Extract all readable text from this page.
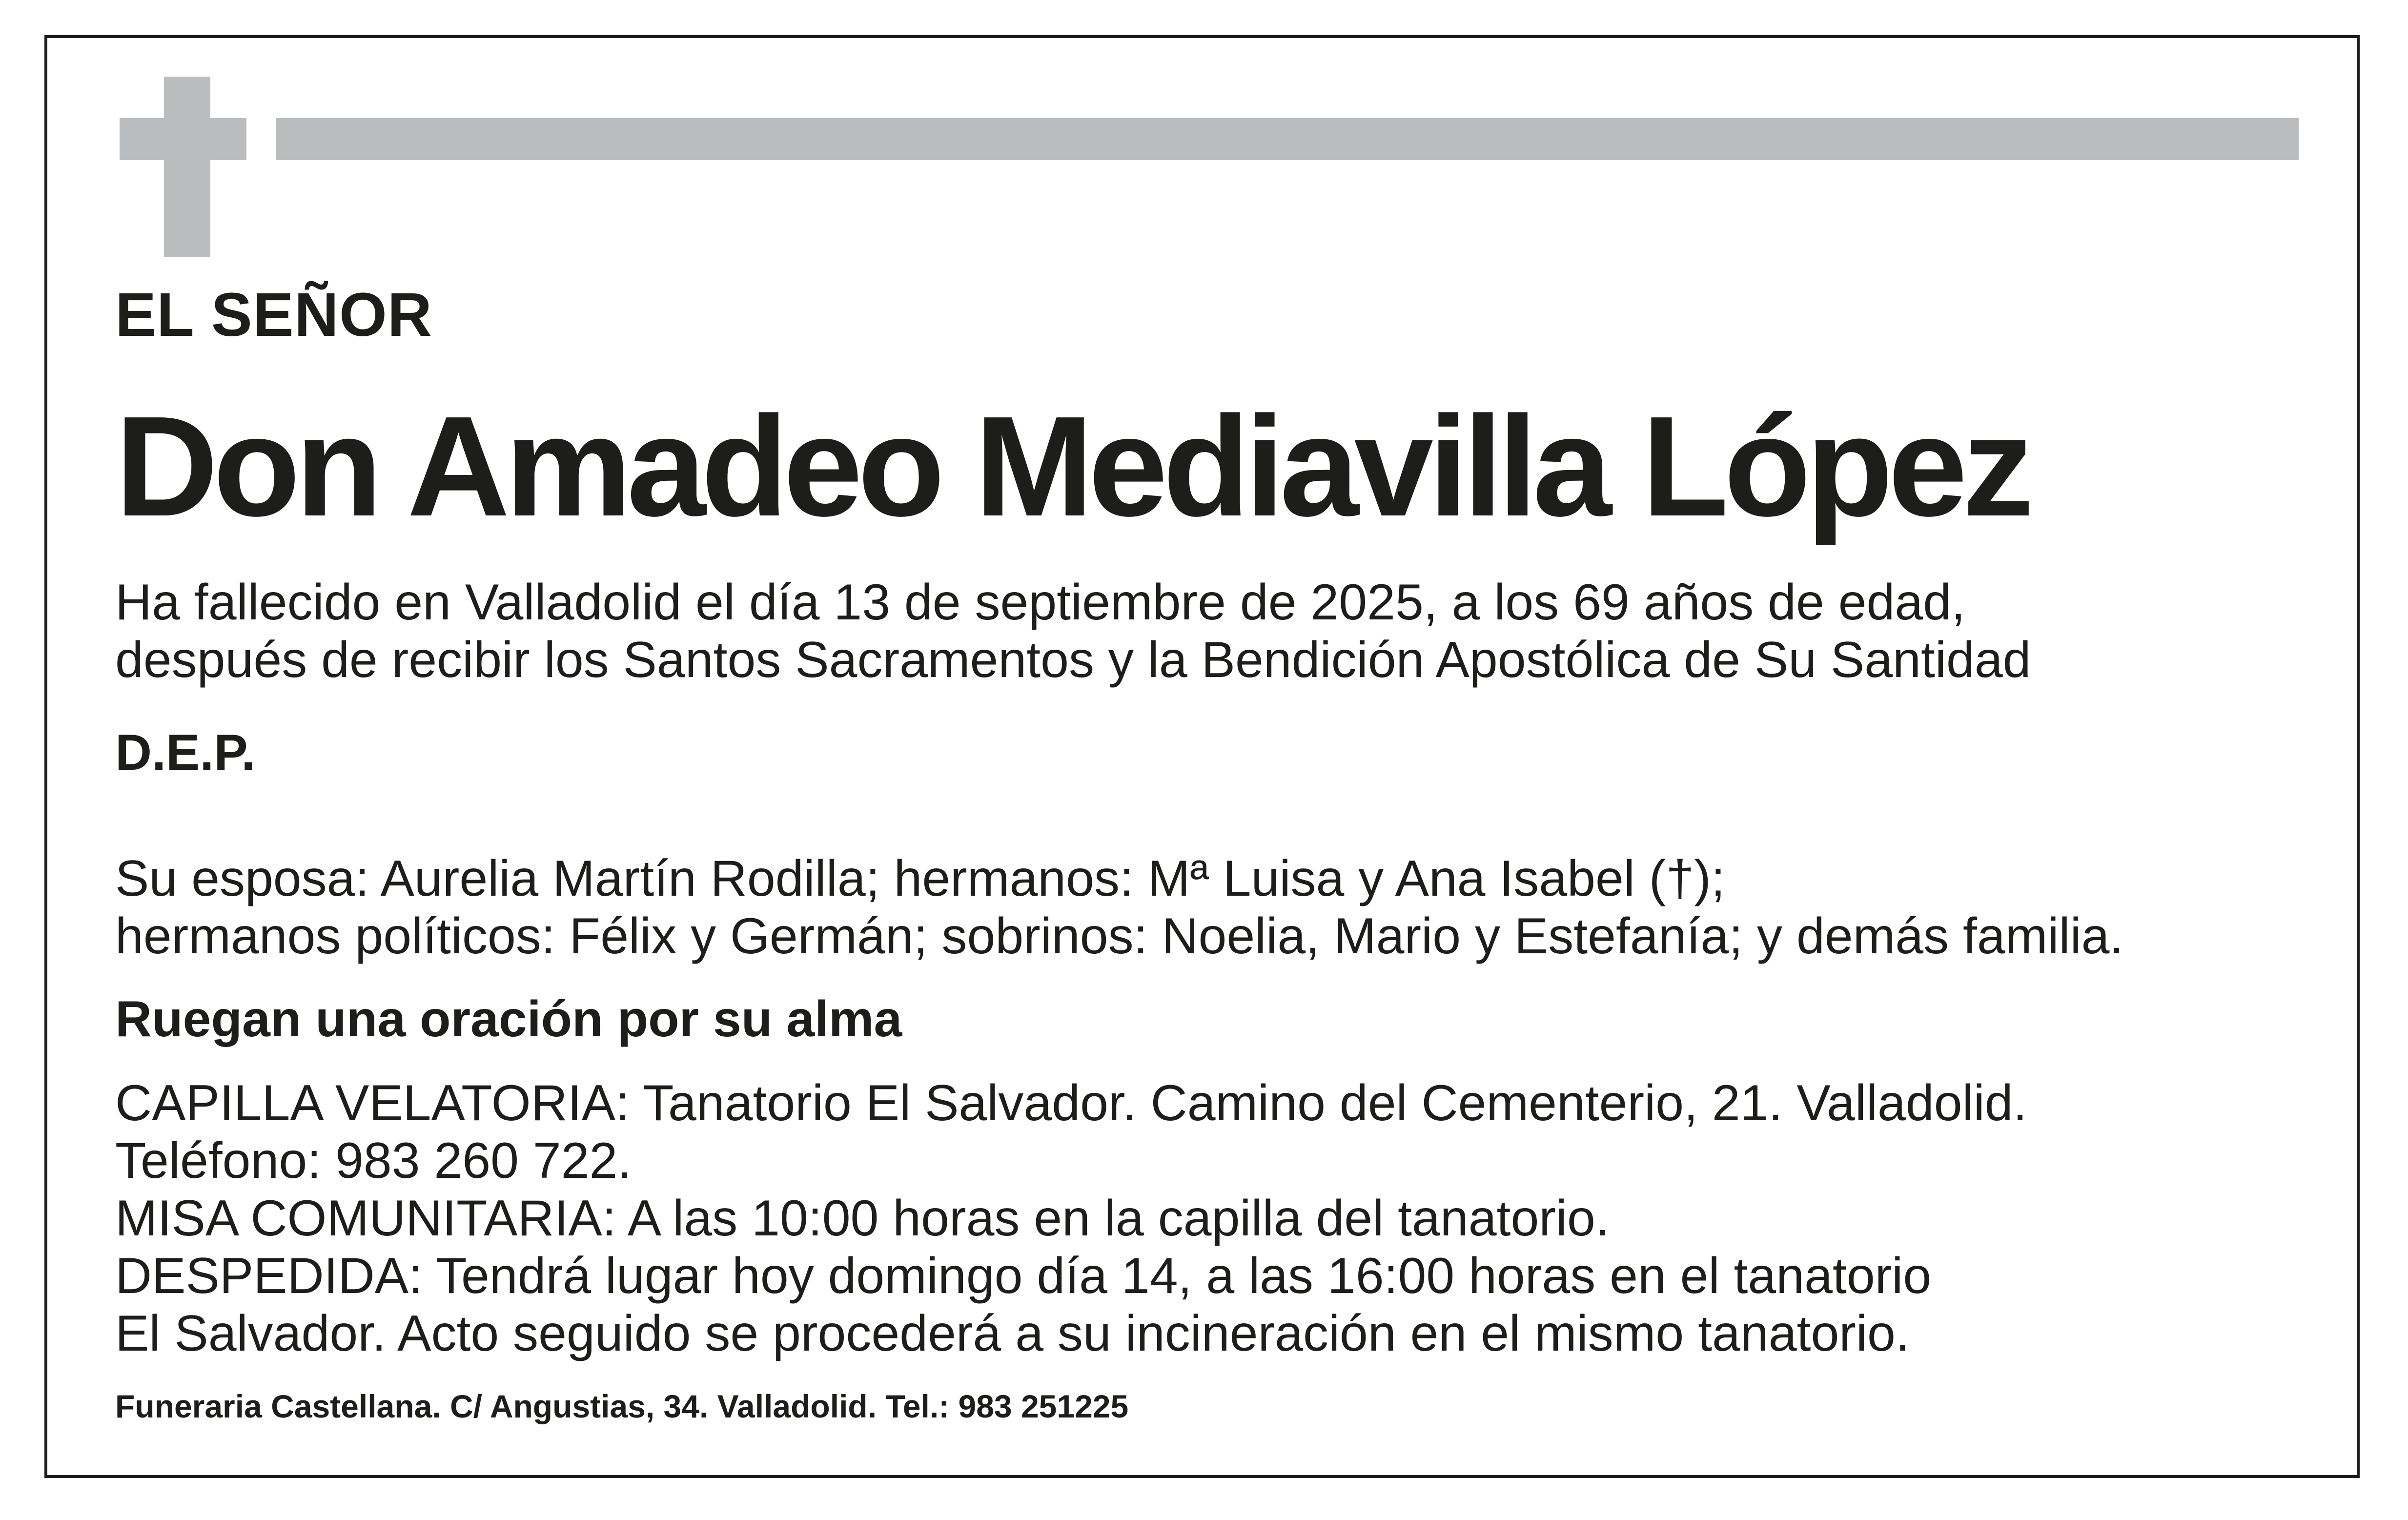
EL SEÑOR
Don Amadeo Mediavilla López

Ha fallecido en Valladolid el día 13 de septiembre de 2025, a los 69 años de edad,
después de recibir los Santos Sacramentos y la Bendición Apostólica de Su Santidad

D.E.P.

Su esposa: Aurelia Martín Rodilla; hermanos: Mª Luisa y Ana Isabel (†);
hermanos políticos: Félix y Germán; sobrinos: Noelia, Mario y Estefanía; y demás familia.

Ruegan una oración por su alma

CAPILLA VELATORIA: Tanatorio El Salvador. Camino del Cementerio, 21. Valladolid.
Teléfono: 983 260 722.
MISA COMUNITARIA: A las 10:00 horas en la capilla del tanatorio.
DESPEDIDA: Tendrá lugar hoy domingo día 14, a las 16:00 horas en el tanatorio
El Salvador. Acto seguido se procederá a su incineración en el mismo tanatorio.

Funeraria Castellana. C/ Angustias, 34. Valladolid. Tel.: 983 251225
